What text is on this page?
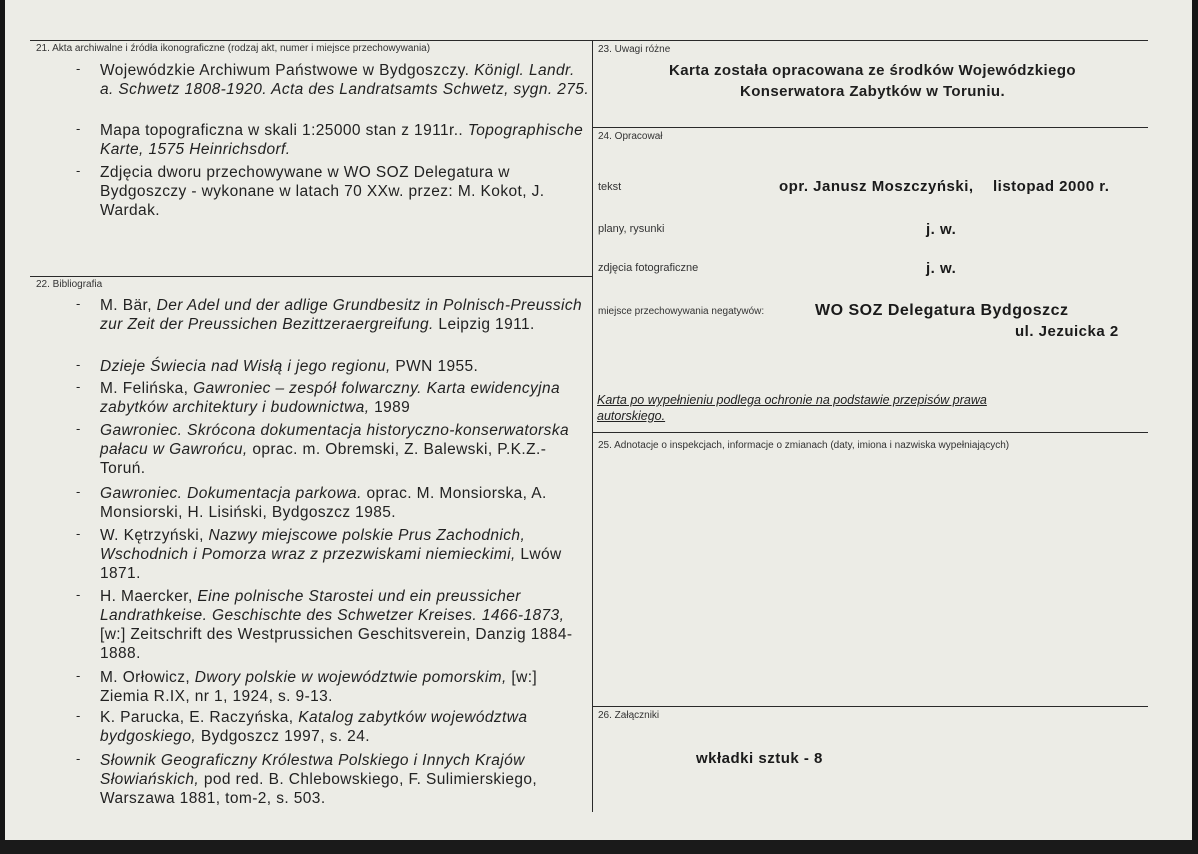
21. Akta archiwalne i źródła ikonograficzne (rodzaj akt, numer i miejsce przechowywania)
- Wojewódzkie Archiwum Państwowe w Bydgoszczy. Königl. Landr. a. Schwetz 1808-1920. Acta des Landratsamts Schwetz, sygn. 275.
- Mapa topograficzna w skali 1:25000 stan z 1911r.. Topographische Karte, 1575 Heinrichsdorf.
- Zdjęcia dworu przechowywane w WO SOZ Delegatura w Bydgoszczy - wykonane w latach 70 XXw. przez: M. Kokot, J. Wardak.
22. Bibliografia
- M. Bär, Der Adel und der adlige Grundbesitz in Polnisch-Preussich zur Zeit der Preussichen Bezittzeraergreifung. Leipzig 1911.
- Dzieje Świecia nad Wisłą i jego regionu, PWN 1955.
- M. Felińska, Gawroniec – zespół folwarczny. Karta ewidencyjna zabytków architektury i budownictwa, 1989
- Gawroniec. Skrócona dokumentacja historyczno-konserwatorska pałacu w Gawrońcu, oprac. m. Obremski, Z. Balewski, P.K.Z.-Toruń.
- Gawroniec. Dokumentacja parkowa. oprac. M. Monsiorska, A. Monsiorski, H. Lisiński, Bydgoszcz 1985.
- W. Kętrzyński, Nazwy miejscowe polskie Prus Zachodnich, Wschodnich i Pomorza wraz z przezwiskami niemieckimi, Lwów 1871.
- H. Maercker, Eine polnische Starostei und ein preussicher Landrathkeise. Geschischte des Schwetzer Kreises. 1466-1873, [w:] Zeitschrift des Westprussichen Geschitsverein, Danzig 1884-1888.
- M. Orłowicz, Dwory polskie w województwie pomorskim, [w:] Ziemia R.IX, nr 1, 1924, s. 9-13.
- K. Parucka, E. Raczyńska, Katalog zabytków województwa bydgoskiego, Bydgoszcz 1997, s. 24.
- Słownik Geograficzny Królestwa Polskiego i Innych Krajów Słowiańskich, pod red. B. Chlebowskiego, F. Sulimierskiego, Warszawa 1881, tom-2, s. 503.
23. Uwagi różne
Karta została opracowana ze środków Wojewódzkiego
Konserwatora Zabytków w Toruniu.
24. Opracował
tekst	opr. Janusz Moszczyński, listopad 2000 r.
plany, rysunki	j. w.
zdjęcia fotograficzne	j. w.
miejsce przechowywania negatywów:	WO SOZ Delegatura Bydgoszcz
ul. Jezuicka 2
Karta po wypełnieniu podlega ochronie na podstawie przepisów prawa
autorskiego.
25. Adnotacje o inspekcjach, informacje o zmianach (daty, imiona i nazwiska wypełniających)
26. Załączniki
wkładki sztuk - 8
